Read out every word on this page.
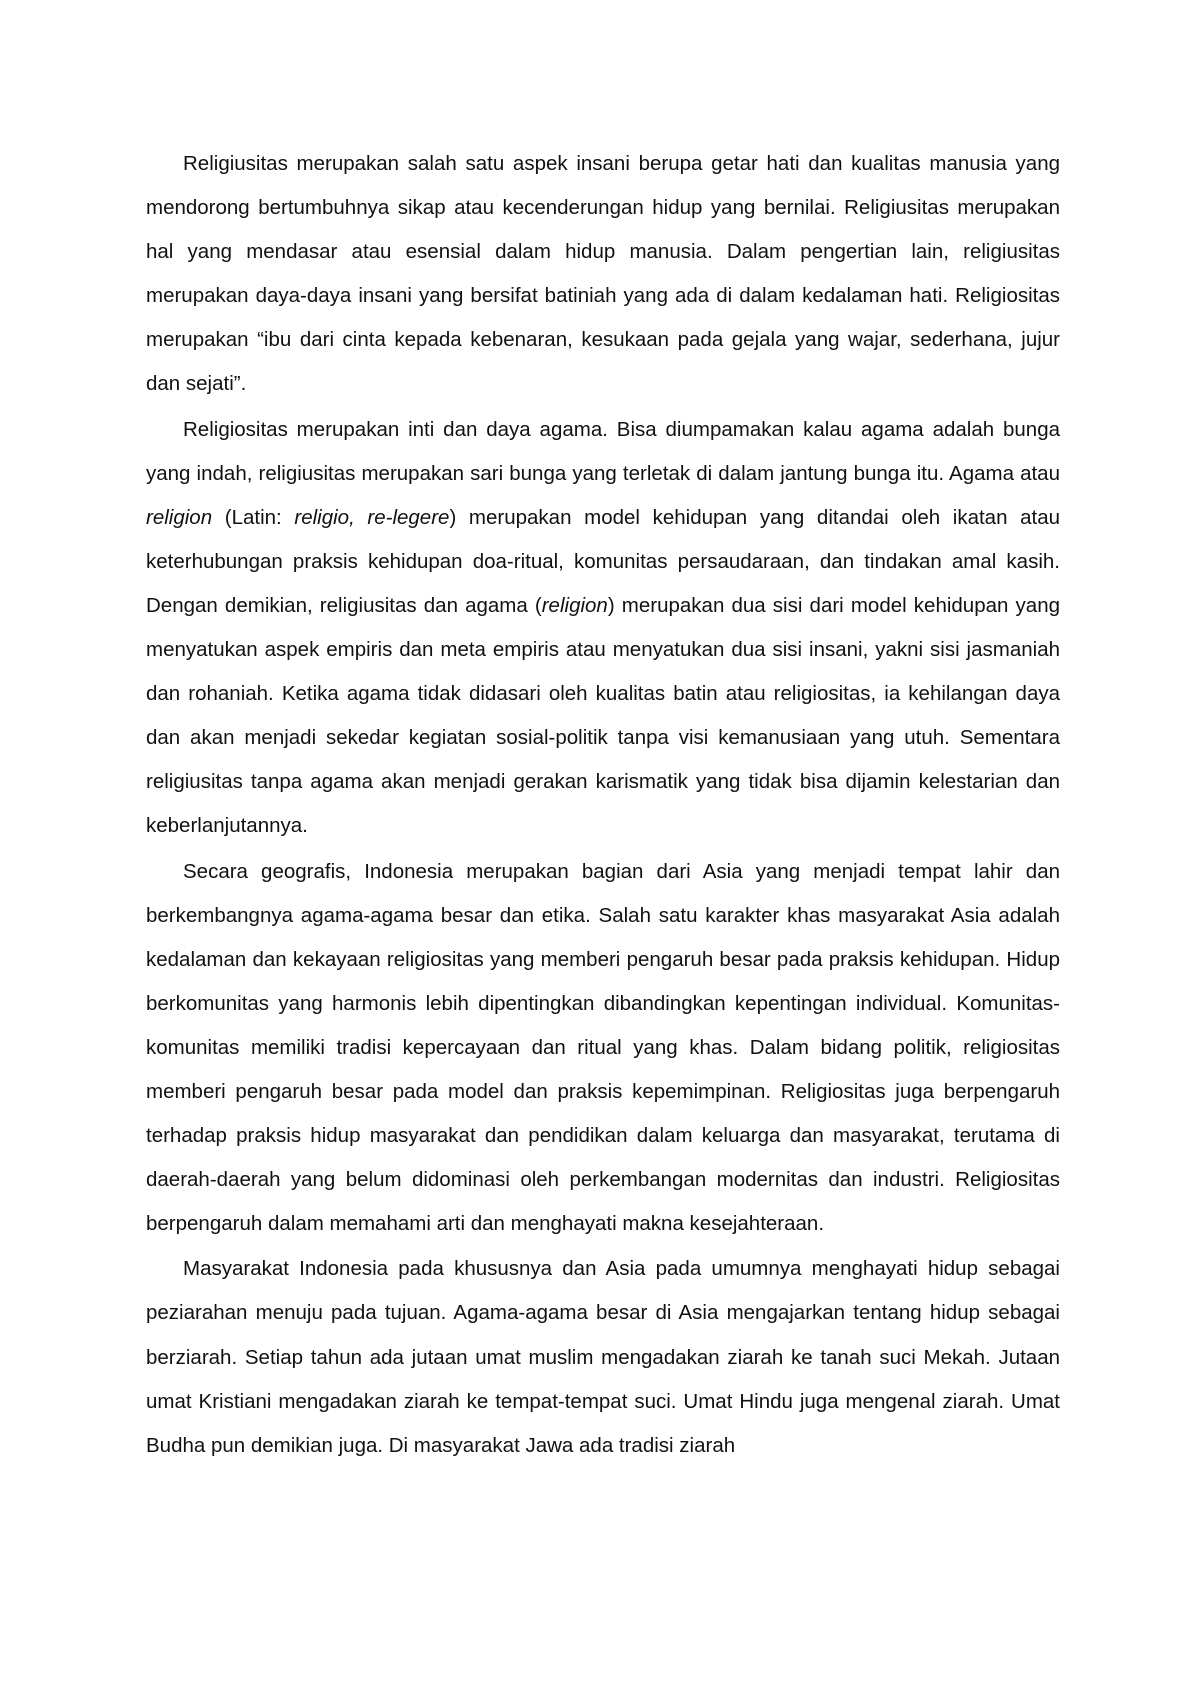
Religiusitas merupakan salah satu aspek insani berupa getar hati dan kualitas manusia yang mendorong bertumbuhnya sikap atau kecenderungan hidup yang bernilai. Religiusitas merupakan hal yang mendasar atau esensial dalam hidup manusia. Dalam pengertian lain, religiusitas merupakan daya-daya insani yang bersifat batiniah yang ada di dalam kedalaman hati. Religiositas merupakan “ibu dari cinta kepada kebenaran, kesukaan pada gejala yang wajar, sederhana, jujur dan sejati”.

Religiositas merupakan inti dan daya agama. Bisa diumpamakan kalau agama adalah bunga yang indah, religiusitas merupakan sari bunga yang terletak di dalam jantung bunga itu. Agama atau religion (Latin: religio, re-legere) merupakan model kehidupan yang ditandai oleh ikatan atau keterhubungan praksis kehidupan doa-ritual, komunitas persaudaraan, dan tindakan amal kasih. Dengan demikian, religiusitas dan agama (religion) merupakan dua sisi dari model kehidupan yang menyatukan aspek empiris dan meta empiris atau menyatukan dua sisi insani, yakni sisi jasmaniah dan rohaniah. Ketika agama tidak didasari oleh kualitas batin atau religiositas, ia kehilangan daya dan akan menjadi sekedar kegiatan sosial-politik tanpa visi kemanusiaan yang utuh. Sementara religiusitas tanpa agama akan menjadi gerakan karismatik yang tidak bisa dijamin kelestarian dan keberlanjutannya.

Secara geografis, Indonesia merupakan bagian dari Asia yang menjadi tempat lahir dan berkembangnya agama-agama besar dan etika. Salah satu karakter khas masyarakat Asia adalah kedalaman dan kekayaan religiositas yang memberi pengaruh besar pada praksis kehidupan. Hidup berkomunitas yang harmonis lebih dipentingkan dibandingkan kepentingan individual. Komunitas-komunitas memiliki tradisi kepercayaan dan ritual yang khas. Dalam bidang politik, religiositas memberi pengaruh besar pada model dan praksis kepemimpinan. Religiositas juga berpengaruh terhadap praksis hidup masyarakat dan pendidikan dalam keluarga dan masyarakat, terutama di daerah-daerah yang belum didominasi oleh perkembangan modernitas dan industri. Religiositas berpengaruh dalam memahami arti dan menghayati makna kesejahteraan.

Masyarakat Indonesia pada khususnya dan Asia pada umumnya menghayati hidup sebagai peziarahan menuju pada tujuan. Agama-agama besar di Asia mengajarkan tentang hidup sebagai berziarah. Setiap tahun ada jutaan umat muslim mengadakan ziarah ke tanah suci Mekah. Jutaan umat Kristiani mengadakan ziarah ke tempat-tempat suci. Umat Hindu juga mengenal ziarah. Umat Budha pun demikian juga. Di masyarakat Jawa ada tradisi ziarah
